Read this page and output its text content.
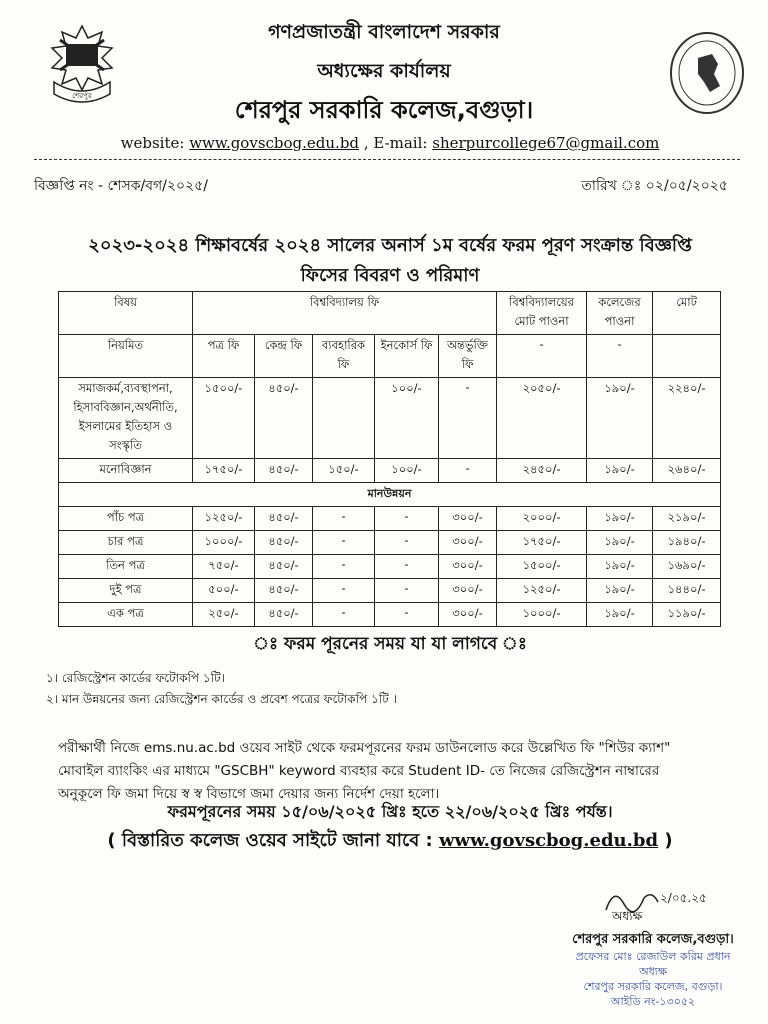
শেরপুর
গণপ্রজাতন্ত্রী বাংলাদেশ সরকার
অধ্যক্ষের কার্যালয়
শেরপুর সরকারি কলেজ,বগুড়া।
website: www.govscbog.edu.bd , E-mail: sherpurcollege67@gmail.com
বিজ্ঞপ্তি নং - শেসক/বগ/২০২৫/	তারিখ ঃ ০২/০৫/২০২৫
২০২৩-২০২৪ শিক্ষাবর্ষের ২০২৪ সালের অনার্স ১ম বর্ষের ফরম পূরণ সংক্রান্ত বিজ্ঞপ্তি
ফিসের বিবরণ ও পরিমাণ
বিষয়	বিশ্ববিদ্যালয় ফি					বিশ্ববিদ্যালয়ের মোট পাওনা	কলেজের পাওনা	মোট
নিয়মিত	পত্র ফি	কেন্দ্র ফি	ব্যবহারিক ফি	ইনকোর্স ফি	অন্তর্ভুক্তি ফি	-	-	
সমাজকর্ম,ব্যবস্থাপনা, হিসাববিজ্ঞান,অর্থনীতি, ইসলামের ইতিহাস ও সংস্কৃতি	১৫০০/-	৪৫০/-		১০০/-	-	২০৫০/-	১৯০/-	২২৪০/-
মনোবিজ্ঞান	১৭৫০/-	৪৫০/-	১৫০/-	১০০/-	-	২৪৫০/-	১৯০/-	২৬৪০/-
মানউন্নয়ন								
পাঁচ পত্র	১২৫০/-	৪৫০/-	-	-	৩০০/-	২০০০/-	১৯০/-	২১৯০/-
চার পত্র	১০০০/-	৪৫০/-	-	-	৩০০/-	১৭৫০/-	১৯০/-	১৯৪০/-
তিন পত্র	৭৫০/-	৪৫০/-	-	-	৩০০/-	১৫০০/-	১৯০/-	১৬৯০/-
দুই পত্র	৫০০/-	৪৫০/-	-	-	৩০০/-	১২৫০/-	১৯০/-	১৪৪০/-
এক পত্র	২৫০/-	৪৫০/-	-	-	৩০০/-	১০০০/-	১৯০/-	১১৯০/-
ঃ ফরম পূরনের সময় যা যা লাগবে ঃ
১। রেজিস্ট্রেশন কার্ডের ফটোকপি ১টি।
২। মান উন্নয়নের জন্য রেজিস্ট্রেশন কার্ডের ও প্রবেশ পত্রের ফটোকপি ১টি ।
পরীক্ষার্থী নিজে ems.nu.ac.bd ওয়েব সাইট থেকে ফরমপূরনের ফরম ডাউনলোড করে উল্লেখিত ফি "শিউর ক্যাশ"
মোবাইল ব্যাংকিং এর মাধ্যমে "GSCBH" keyword ব্যবহার করে Student ID- তে নিজের রেজিস্ট্রেশন নাম্বারের
অনুকূলে ফি জমা দিয়ে স্ব স্ব বিভাগে জমা দেয়ার জন্য নির্দেশ দেয়া হলো।
ফরমপূরনের সময় ১৫/০৬/২০২৫ খ্রিঃ হতে ২২/০৬/২০২৫ খ্রিঃ পর্যন্ত।
( বিস্তারিত কলেজ ওয়েব সাইটে জানা যাবে : www.govscbog.edu.bd )
২/০৫.২৫
অধ্যক্ষ
শেরপুর সরকারি কলেজ,বগুড়া।
প্রফেসর মোঃ রেজাউল করিম প্রধান
অধ্যক্ষ
শেরপুর সরকারি কলেজ, বগুড়া।
আইডি নং-১৩০৫২
